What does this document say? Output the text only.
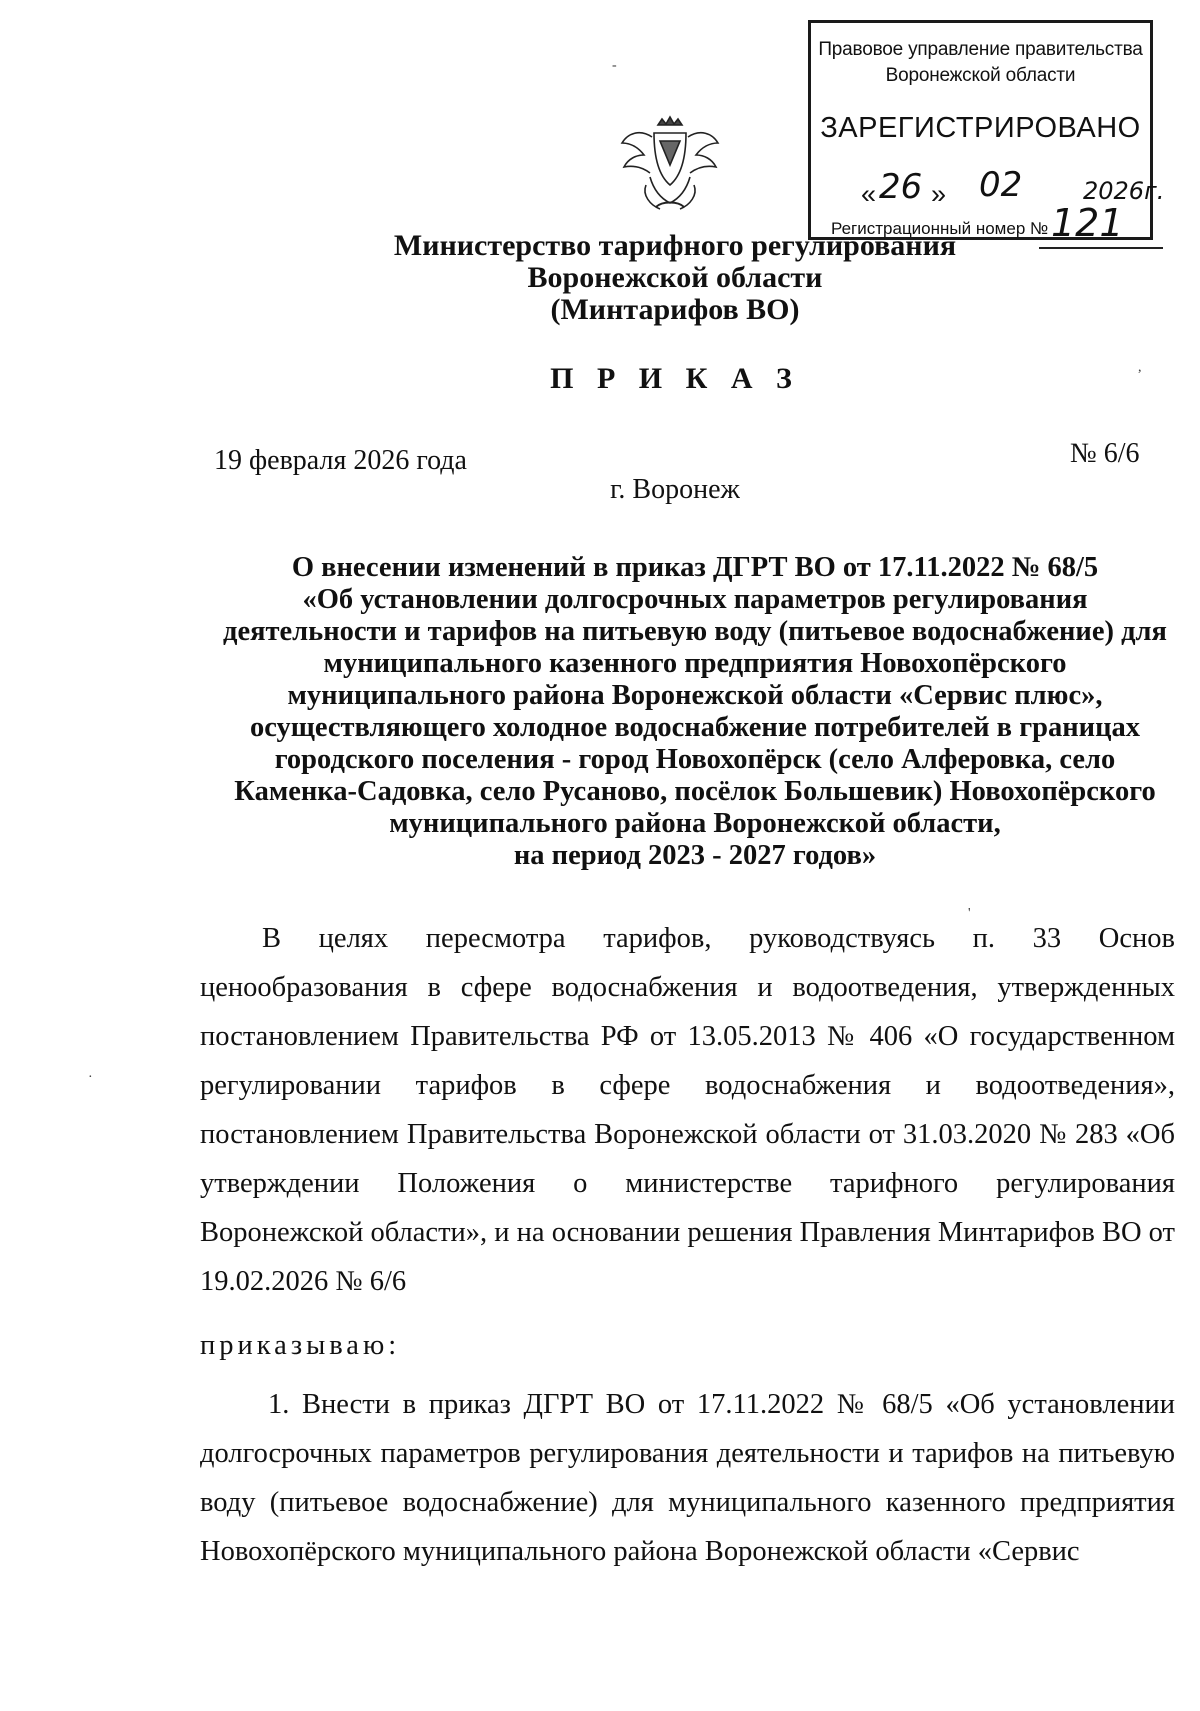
Правовое управление правительства
Воронежской области
ЗАРЕГИСТРИРОВАНО
« 26 » 02	2026г.
Регистрационный номер № 121
Министерство тарифного регулирования
Воронежской области
(Минтарифов ВО)
П Р И К А З
19 февраля 2026 года	№ 6/6
г. Воронеж
О внесении изменений в приказ ДГРТ ВО от 17.11.2022 № 68/5
«Об установлении долгосрочных параметров регулирования
деятельности и тарифов на питьевую воду (питьевое водоснабжение) для
муниципального казенного предприятия Новохопёрского
муниципального района Воронежской области «Сервис плюс»,
осуществляющего холодное водоснабжение потребителей в границах
городского поселения - город Новохопёрск (село Алферовка, село
Каменка-Садовка, село Русаново, посёлок Большевик) Новохопёрского
муниципального района Воронежской области,
на период 2023 - 2027 годов»
В целях пересмотра тарифов, руководствуясь п. 33 Основ ценообразования в сфере водоснабжения и водоотведения, утвержденных постановлением Правительства РФ от 13.05.2013 № 406 «О государственном регулировании тарифов в сфере водоснабжения и водоотведения», постановлением Правительства Воронежской области от 31.03.2020 № 283 «Об утверждении Положения о министерстве тарифного регулирования Воронежской области», и на основании решения Правления Минтарифов ВО от 19.02.2026 № 6/6
приказываю:
1. Внести в приказ ДГРТ ВО от 17.11.2022 № 68/5 «Об установлении долгосрочных параметров регулирования деятельности и тарифов на питьевую воду (питьевое водоснабжение) для муниципального казенного предприятия Новохопёрского муниципального района Воронежской области «Сервис
-
,
·
'
